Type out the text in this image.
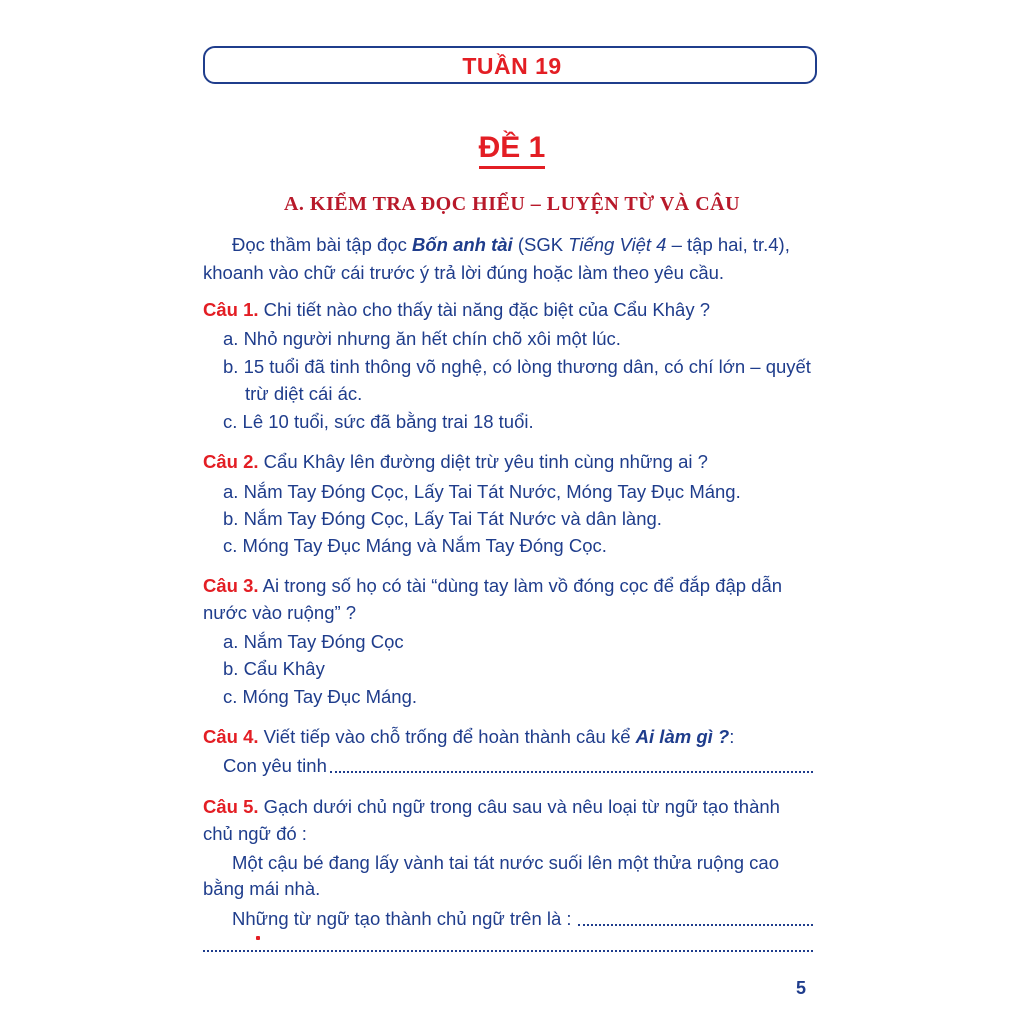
TUẦN 19
ĐỀ 1
A. KIỂM TRA ĐỌC HIỂU – LUYỆN TỪ VÀ CÂU
Đọc thầm bài tập đọc Bốn anh tài (SGK Tiếng Việt 4 – tập hai, tr.4),
khoanh vào chữ cái trước ý trả lời đúng hoặc làm theo yêu cầu.
Câu 1. Chi tiết nào cho thấy tài năng đặc biệt của Cẩu Khây ?
a. Nhỏ người nhưng ăn hết chín chõ xôi một lúc.
b. 15 tuổi đã tinh thông võ nghệ, có lòng thương dân, có chí lớn – quyết
trừ diệt cái ác.
c. Lê 10 tuổi, sức đã bằng trai 18 tuổi.
Câu 2. Cẩu Khây lên đường diệt trừ yêu tinh cùng những ai ?
a. Nắm Tay Đóng Cọc, Lấy Tai Tát Nước, Móng Tay Đục Máng.
b. Nắm Tay Đóng Cọc, Lấy Tai Tát Nước và dân làng.
c. Móng Tay Đục Máng và Nắm Tay Đóng Cọc.
Câu 3. Ai trong số họ có tài “dùng tay làm vồ đóng cọc để đắp đập dẫn
nước vào ruộng” ?
a. Nắm Tay Đóng Cọc
b. Cẩu Khây
c. Móng Tay Đục Máng.
Câu 4. Viết tiếp vào chỗ trống để hoàn thành câu kể Ai làm gì ?:
Con yêu tinh
Câu 5. Gạch dưới chủ ngữ trong câu sau và nêu loại từ ngữ tạo thành
chủ ngữ đó :
Một cậu bé đang lấy vành tai tát nước suối lên một thửa ruộng cao
bằng mái nhà.
Những từ ngữ tạo thành chủ ngữ trên là :
5
